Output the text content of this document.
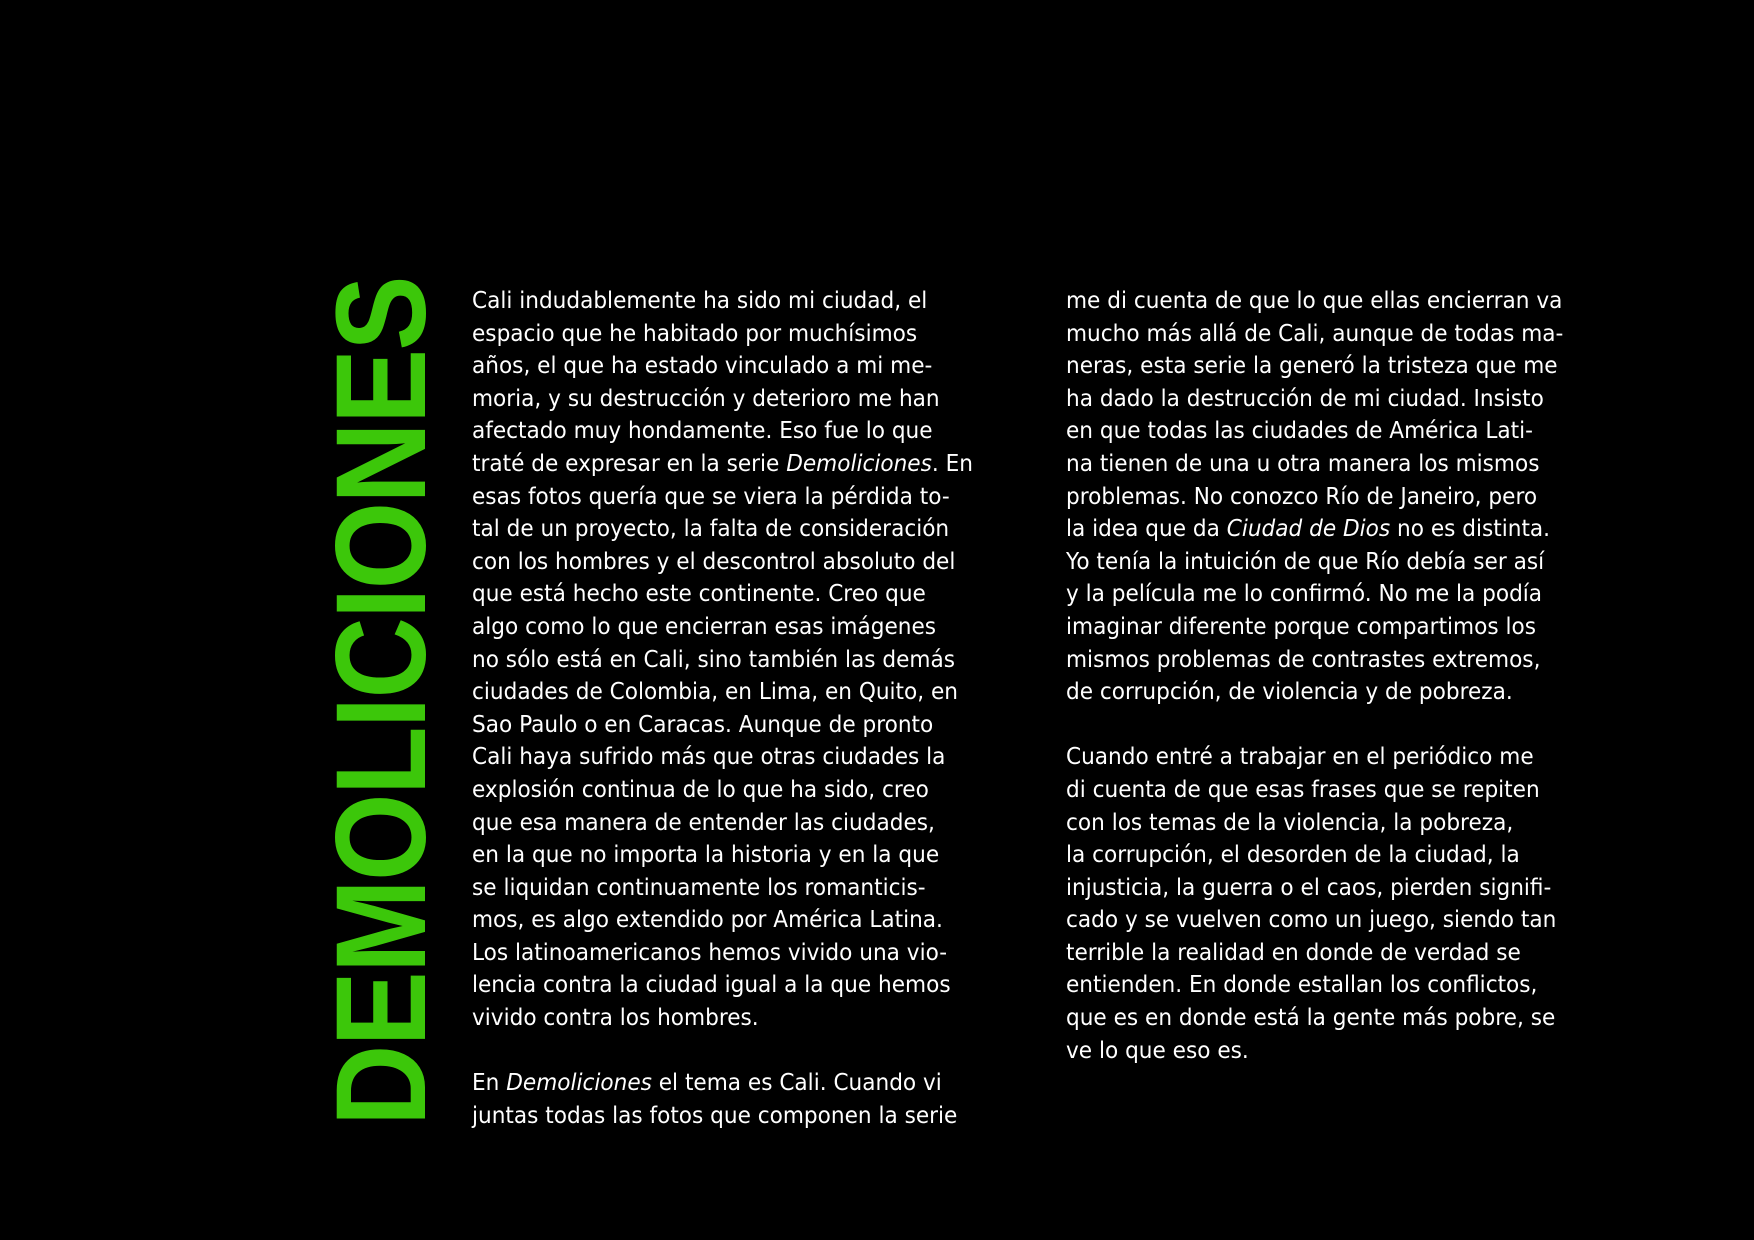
DEMOLICIONES Cali indudablemente ha sido mi ciudad, el
espacio que he habitado por muchísimos
años, el que ha estado vinculado a mi me-
moria, y su destrucción y deterioro me han
afectado muy hondamente. Eso fue lo que
traté de expresar en la serie Demoliciones. En
esas fotos quería que se viera la pérdida to-
tal de un proyecto, la falta de consideración
con los hombres y el descontrol absoluto del
que está hecho este continente. Creo que
algo como lo que encierran esas imágenes
no sólo está en Cali, sino también las demás
ciudades de Colombia, en Lima, en Quito, en
Sao Paulo o en Caracas. Aunque de pronto
Cali haya sufrido más que otras ciudades la
explosión continua de lo que ha sido, creo
que esa manera de entender las ciudades,
en la que no importa la historia y en la que
se liquidan continuamente los romanticis-
mos, es algo extendido por América Latina.
Los latinoamericanos hemos vivido una vio-
lencia contra la ciudad igual a la que hemos
vivido contra los hombres.
En Demoliciones el tema es Cali. Cuando vi
juntas todas las fotos que componen la serie
me di cuenta de que lo que ellas encierran va
mucho más allá de Cali, aunque de todas ma-
neras, esta serie la generó la tristeza que me
ha dado la destrucción de mi ciudad. Insisto
en que todas las ciudades de América Lati-
na tienen de una u otra manera los mismos
problemas. No conozco Río de Janeiro, pero
la idea que da Ciudad de Dios no es distinta.
Yo tenía la intuición de que Río debía ser así
y la película me lo confirmó. No me la podía
imaginar diferente porque compartimos los
mismos problemas de contrastes extremos,
de corrupción, de violencia y de pobreza.
Cuando entré a trabajar en el periódico me
di cuenta de que esas frases que se repiten
con los temas de la violencia, la pobreza,
la corrupción, el desorden de la ciudad, la
injusticia, la guerra o el caos, pierden signifi-
cado y se vuelven como un juego, siendo tan
terrible la realidad en donde de verdad se
entienden. En donde estallan los conflictos,
que es en donde está la gente más pobre, se
ve lo que eso es.
